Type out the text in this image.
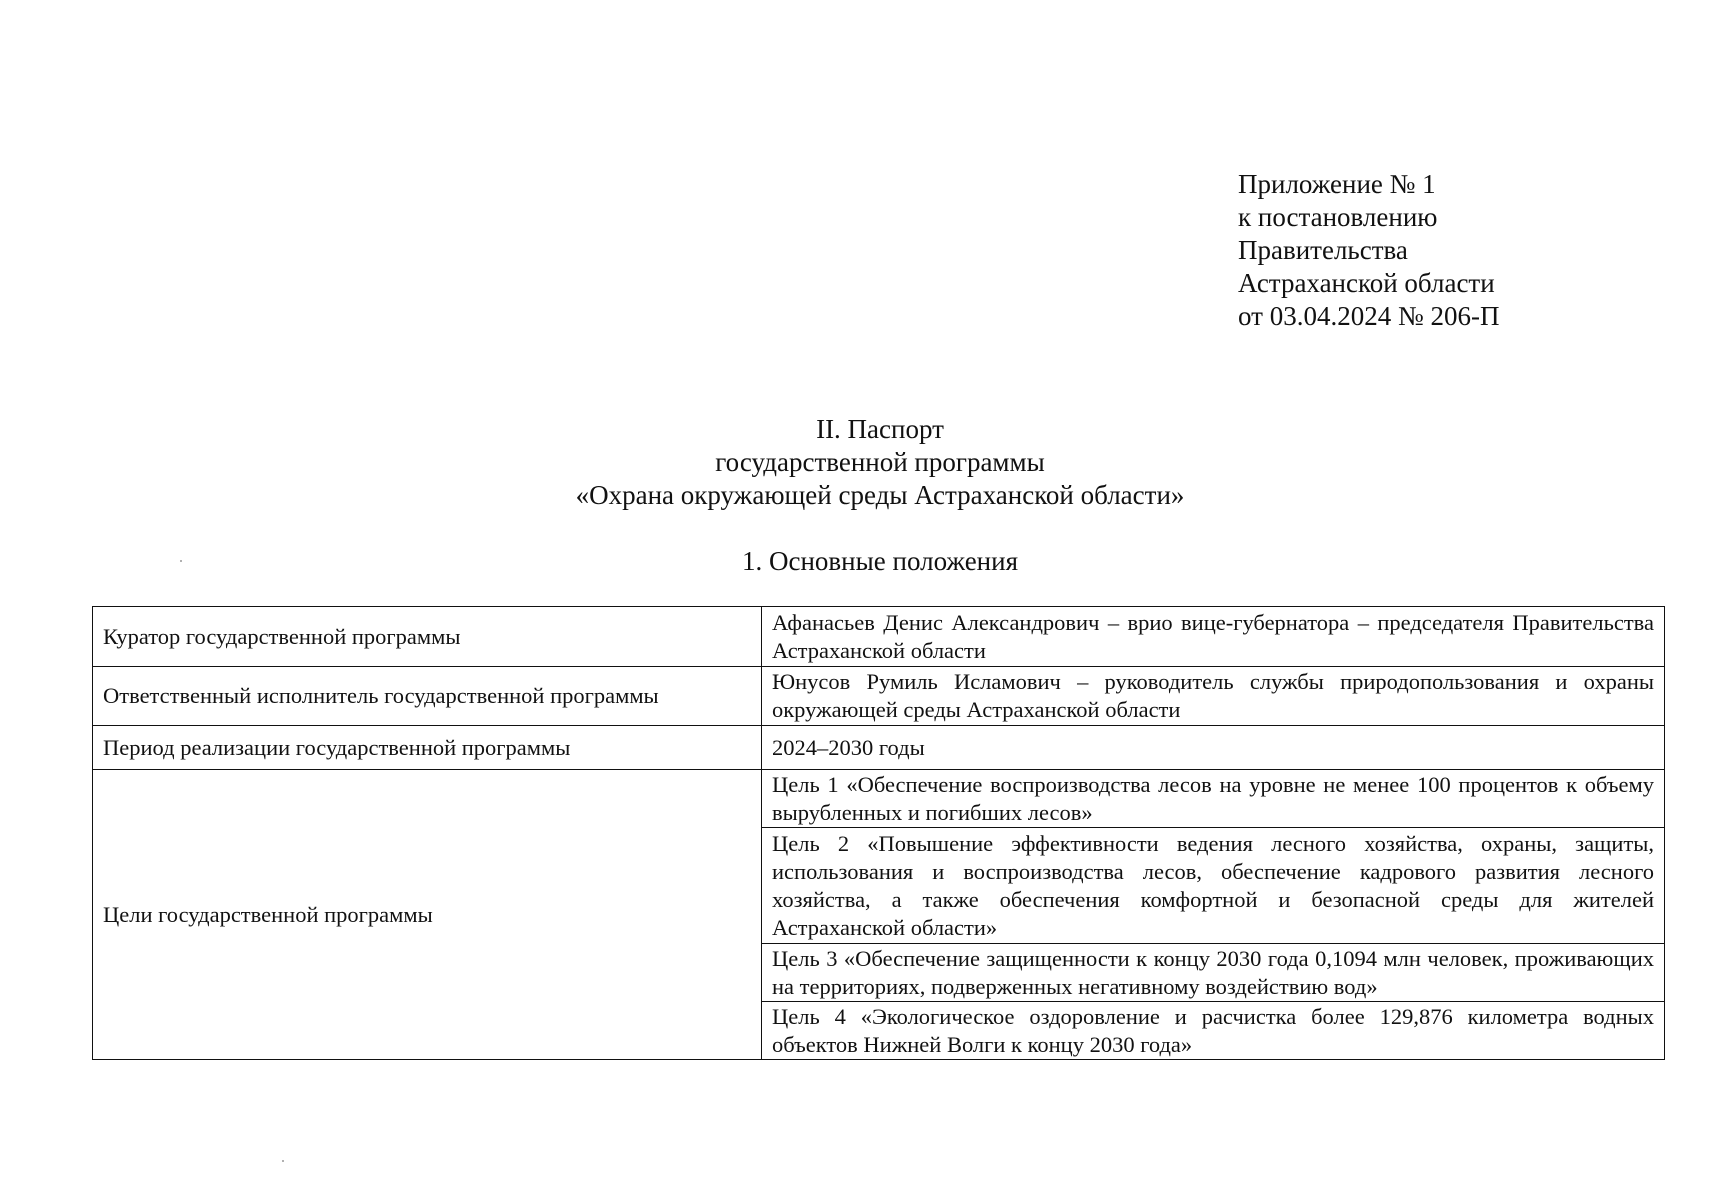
Приложение № 1
к постановлению
Правительства
Астраханской области
от 03.04.2024 № 206-П
II. Паспорт
государственной программы
«Охрана окружающей среды Астраханской области»
1. Основные положения
Куратор государственной программы	Афанасьев Денис Александрович – врио вице-губернатора – председателя Правительства Астраханской области
Ответственный исполнитель государственной программы	Юнусов Румиль Исламович – руководитель службы природопользования и охраны окружающей среды Астраханской области
Период реализации государственной программы	2024–2030 годы
Цели государственной программы	Цель 1 «Обеспечение воспроизводства лесов на уровне не менее 100 процентов к объему вырубленных и погибших лесов»
	Цель 2 «Повышение эффективности ведения лесного хозяйства, охраны, защиты, использования и воспроизводства лесов, обеспечение кадрового развития лесного хозяйства, а также обеспечения комфортной и безопасной среды для жителей Астраханской области»
	Цель 3 «Обеспечение защищенности к концу 2030 года 0,1094 млн человек, проживающих на территориях, подверженных негативному воздействию вод»
	Цель 4 «Экологическое оздоровление и расчистка более 129,876 километра водных объектов Нижней Волги к концу 2030 года»
